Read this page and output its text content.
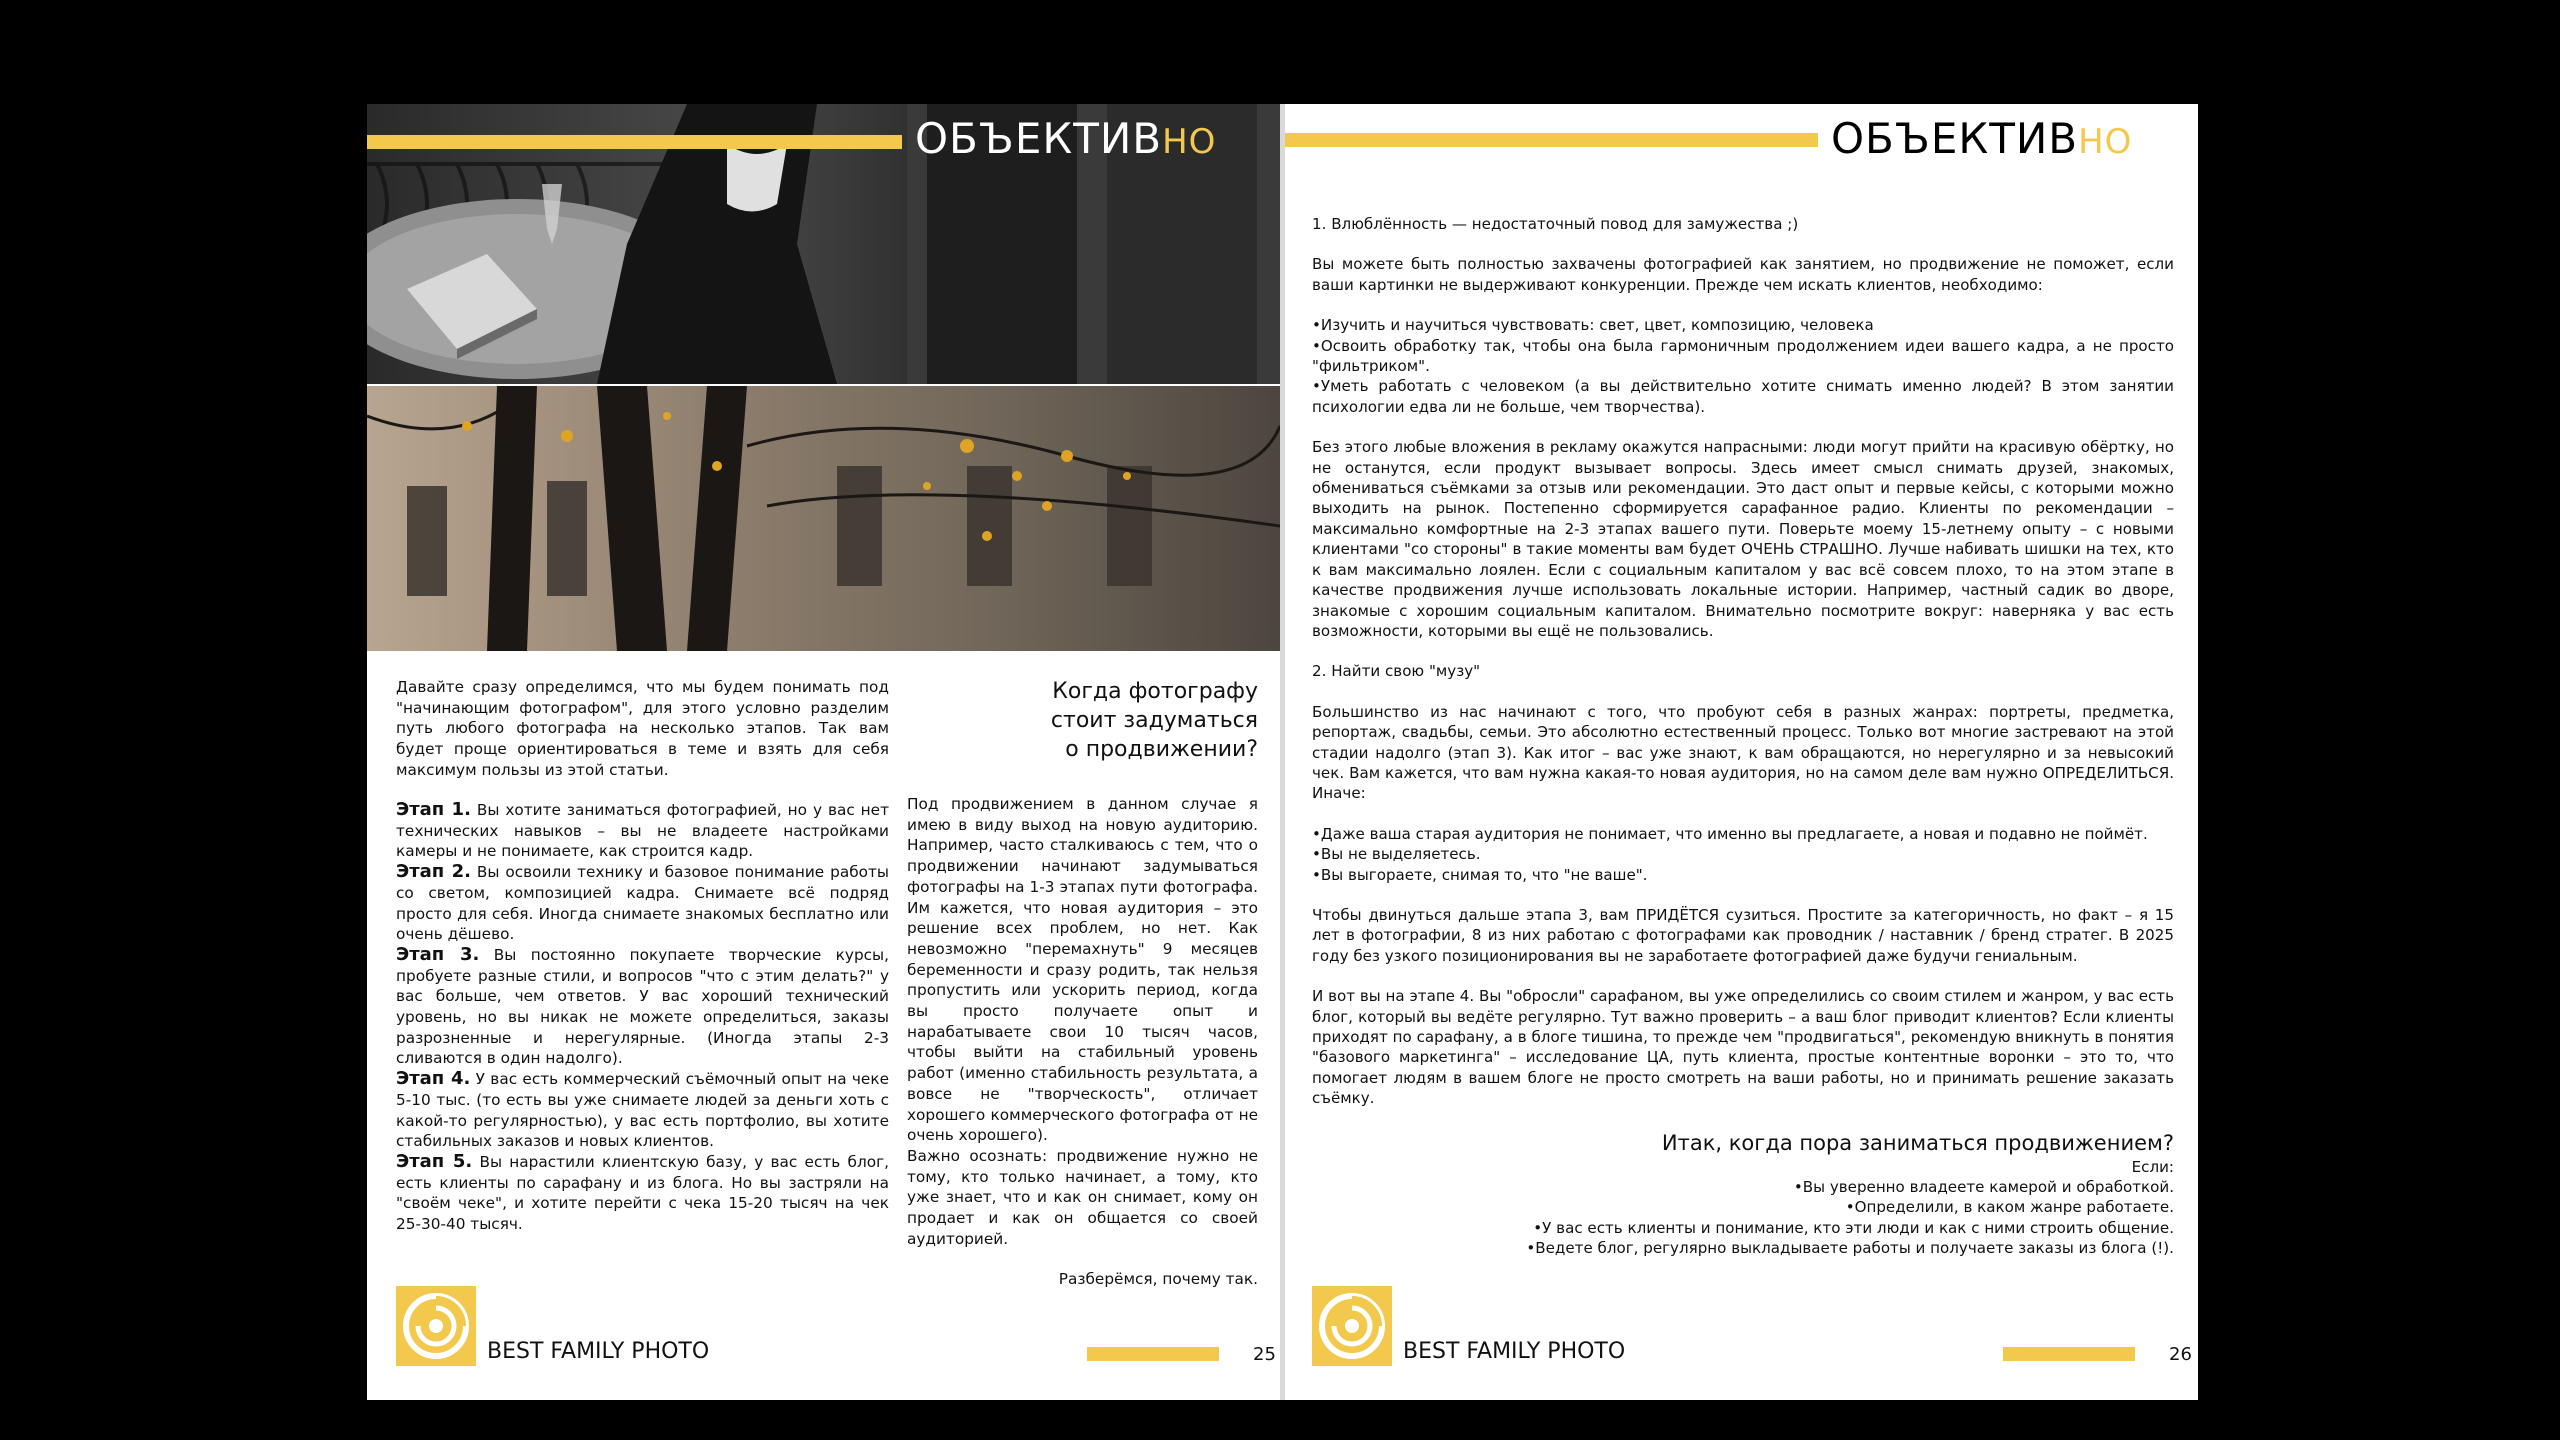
ОБЪЕКТИВНО
Давайте сразу определимся, что мы будем понимать под "начинающим фотографом", для этого условно разделим путь любого фотографа на несколько этапов. Так вам будет проще ориентироваться в теме и взять для себя максимум пользы из этой статьи.

Этап 1. Вы хотите заниматься фотографией, но у вас нет технических навыков – вы не владеете настройками камеры и не понимаете, как строится кадр.

Этап 2. Вы освоили технику и базовое понимание работы со светом, композицией кадра. Снимаете всё подряд просто для себя. Иногда снимаете знакомых бесплатно или очень дёшево.

Этап 3. Вы постоянно покупаете творческие курсы, пробуете разные стили, и вопросов "что с этим делать?" у вас больше, чем ответов. У вас хороший технический уровень, но вы никак не можете определиться, заказы разрозненные и нерегулярные. (Иногда этапы 2-3 сливаются в один надолго).

Этап 4. У вас есть коммерческий съёмочный опыт на чеке 5-10 тыс. (то есть вы уже снимаете людей за деньги хоть с какой-то регулярностью), у вас есть портфолио, вы хотите стабильных заказов и новых клиентов.

Этап 5. Вы нарастили клиентскую базу, у вас есть блог, есть клиенты по сарафану и из блога. Но вы застряли на "своём чеке", и хотите перейти с чека 15-20 тысяч на чек 25-30-40 тысяч.

Когда фотографу
стоит задуматься
о продвижении?

Под продвижением в данном случае я имею в виду выход на новую аудиторию. Например, часто сталкиваюсь с тем, что о продвижении начинают задумываться фотографы на 1-3 этапах пути фотографа. Им кажется, что новая аудитория – это решение всех проблем, но нет. Как невозможно "перемахнуть" 9 месяцев беременности и сразу родить, так нельзя пропустить или ускорить период, когда вы просто получаете опыт и нарабатываете свои 10 тысяч часов, чтобы выйти на стабильный уровень работ (именно стабильность результата, а вовсе не "творческость", отличает хорошего коммерческого фотографа от не очень хорошего).

Важно осознать: продвижение нужно не тому, кто только начинает, а тому, кто уже знает, что и как он снимает, кому он продает и как он общается со своей аудиторией.

Разберёмся, почему так.

BEST FAMILY PHOTO	25
ОБЪЕКТИВНО

1. Влюблённость — недостаточный повод для замужества ;)

Вы можете быть полностью захвачены фотографией как занятием, но продвижение не поможет, если ваши картинки не выдерживают конкуренции. Прежде чем искать клиентов, необходимо:

•Изучить и научиться чувствовать: свет, цвет, композицию, человека
•Освоить обработку так, чтобы она была гармоничным продолжением идеи вашего кадра, а не просто "фильтриком".
•Уметь работать с человеком (а вы действительно хотите снимать именно людей? В этом занятии психологии едва ли не больше, чем творчества).

Без этого любые вложения в рекламу окажутся напрасными: люди могут прийти на красивую обёртку, но не останутся, если продукт вызывает вопросы. Здесь имеет смысл снимать друзей, знакомых, обмениваться съёмками за отзыв или рекомендации. Это даст опыт и первые кейсы, с которыми можно выходить на рынок. Постепенно сформируется сарафанное радио. Клиенты по рекомендации – максимально комфортные на 2-3 этапах вашего пути. Поверьте моему 15-летнему опыту – с новыми клиентами "со стороны" в такие моменты вам будет ОЧЕНЬ СТРАШНО. Лучше набивать шишки на тех, кто к вам максимально лоялен. Если с социальным капиталом у вас всё совсем плохо, то на этом этапе в качестве продвижения лучше использовать локальные истории. Например, частный садик во дворе, знакомые с хорошим социальным капиталом. Внимательно посмотрите вокруг: наверняка у вас есть возможности, которыми вы ещё не пользовались.

2. Найти свою "музу"

Большинство из нас начинают с того, что пробуют себя в разных жанрах: портреты, предметка, репортаж, свадьбы, семьи. Это абсолютно естественный процесс. Только вот многие застревают на этой стадии надолго (этап 3). Как итог – вас уже знают, к вам обращаются, но нерегулярно и за невысокий чек. Вам кажется, что вам нужна какая-то новая аудитория, но на самом деле вам нужно ОПРЕДЕЛИТЬСЯ. Иначе:

•Даже ваша старая аудитория не понимает, что именно вы предлагаете, а новая и подавно не поймёт.
•Вы не выделяетесь.
•Вы выгораете, снимая то, что "не ваше".

Чтобы двинуться дальше этапа 3, вам ПРИДЁТСЯ сузиться. Простите за категоричность, но факт – я 15 лет в фотографии, 8 из них работаю с фотографами как проводник / наставник / бренд стратег. В 2025 году без узкого позиционирования вы не заработаете фотографией даже будучи гениальным.

И вот вы на этапе 4. Вы "обросли" сарафаном, вы уже определились со своим стилем и жанром, у вас есть блог, который вы ведёте регулярно. Тут важно проверить – а ваш блог приводит клиентов? Если клиенты приходят по сарафану, а в блоге тишина, то прежде чем "продвигаться", рекомендую вникнуть в понятия "базового маркетинга" – исследование ЦА, путь клиента, простые контентные воронки – это то, что помогает людям в вашем блоге не просто смотреть на ваши работы, но и принимать решение заказать съёмку.

Итак, когда пора заниматься продвижением?
Если:
•Вы уверенно владеете камерой и обработкой.
•Определили, в каком жанре работаете.
•У вас есть клиенты и понимание, кто эти люди и как с ними строить общение.
•Ведете блог, регулярно выкладываете работы и получаете заказы из блога (!).
BEST FAMILY PHOTO	26
